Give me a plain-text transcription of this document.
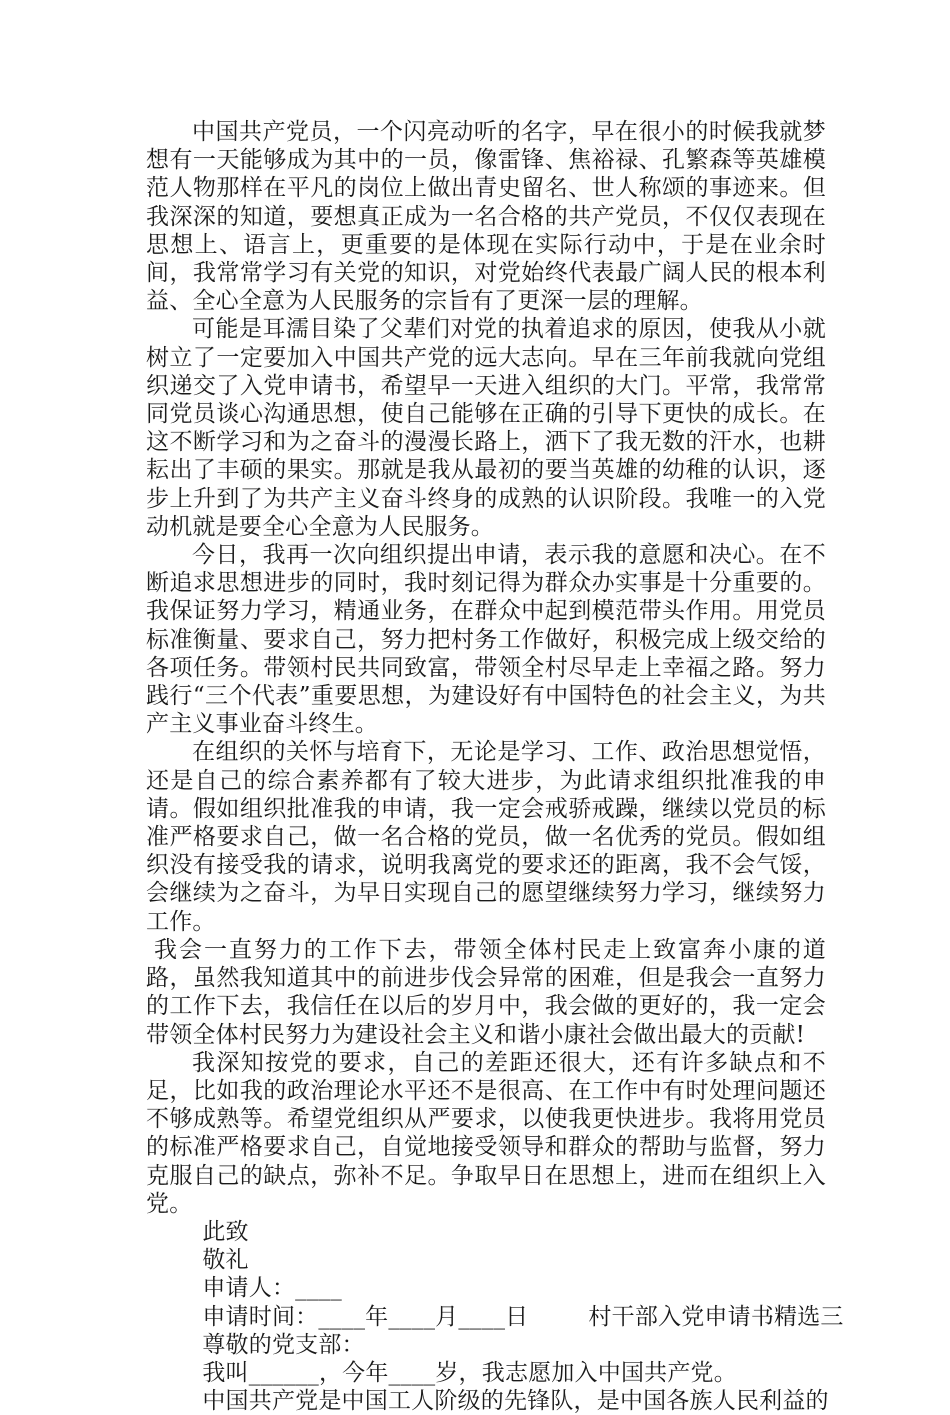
中国共产党员，一个闪亮动听的名字，早在很小的时候我就梦想有一天能够成为其中的一员，像雷锋、焦裕禄、孔繁森等英雄模范人物那样在平凡的岗位上做出青史留名、世人称颂的事迹来。但我深深的知道，要想真正成为一名合格的共产党员，不仅仅表现在思想上、语言上，更重要的是体现在实际行动中，于是在业余时间，我常常学习有关党的知识，对党始终代表最广阔人民的根本利益、全心全意为人民服务的宗旨有了更深一层的理解。

可能是耳濡目染了父辈们对党的执着追求的原因，使我从小就树立了一定要加入中国共产党的远大志向。早在三年前我就向党组织递交了入党申请书，希望早一天进入组织的大门。平常，我常常同党员谈心沟通思想，使自己能够在正确的引导下更快的成长。在这不断学习和为之奋斗的漫漫长路上，洒下了我无数的汗水，也耕耘出了丰硕的果实。那就是我从最初的要当英雄的幼稚的认识，逐步上升到了为共产主义奋斗终身的成熟的认识阶段。我唯一的入党动机就是要全心全意为人民服务。

今日，我再一次向组织提出申请，表示我的意愿和决心。在不断追求思想进步的同时，我时刻记得为群众办实事是十分重要的。我保证努力学习，精通业务，在群众中起到模范带头作用。用党员标准衡量、要求自己，努力把村务工作做好，积极完成上级交给的各项任务。带领村民共同致富，带领全村尽早走上幸福之路。努力践行“三个代表”重要思想，为建设好有中国特色的社会主义，为共产主义事业奋斗终生。

在组织的关怀与培育下，无论是学习、工作、政治思想觉悟，还是自己的综合素养都有了较大进步，为此请求组织批准我的申请。假如组织批准我的申请，我一定会戒骄戒躁，继续以党员的标准严格要求自己，做一名合格的党员，做一名优秀的党员。假如组织没有接受我的请求，说明我离党的要求还的距离，我不会气馁，会继续为之奋斗，为早日实现自己的愿望继续努力学习，继续努力工作。

我会一直努力的工作下去，带领全体村民走上致富奔小康的道路，虽然我知道其中的前进步伐会异常的困难，但是我会一直努力的工作下去，我信任在以后的岁月中，我会做的更好的，我一定会带领全体村民努力为建设社会主义和谐小康社会做出最大的贡献!

我深知按党的要求，自己的差距还很大，还有许多缺点和不足，比如我的政治理论水平还不是很高、在工作中有时处理问题还不够成熟等。希望党组织从严要求，以使我更快进步。我将用党员的标准严格要求自己，自觉地接受领导和群众的帮助与监督，努力克服自己的缺点，弥补不足。争取早日在思想上，进而在组织上入党。

此致

敬礼

申请人：____

申请时间：____年____月____日        村干部入党申请书精选三

尊敬的党支部：

我叫______，今年____岁，我志愿加入中国共产党。

中国共产党是中国工人阶级的先锋队，是中国各族人民利益的
